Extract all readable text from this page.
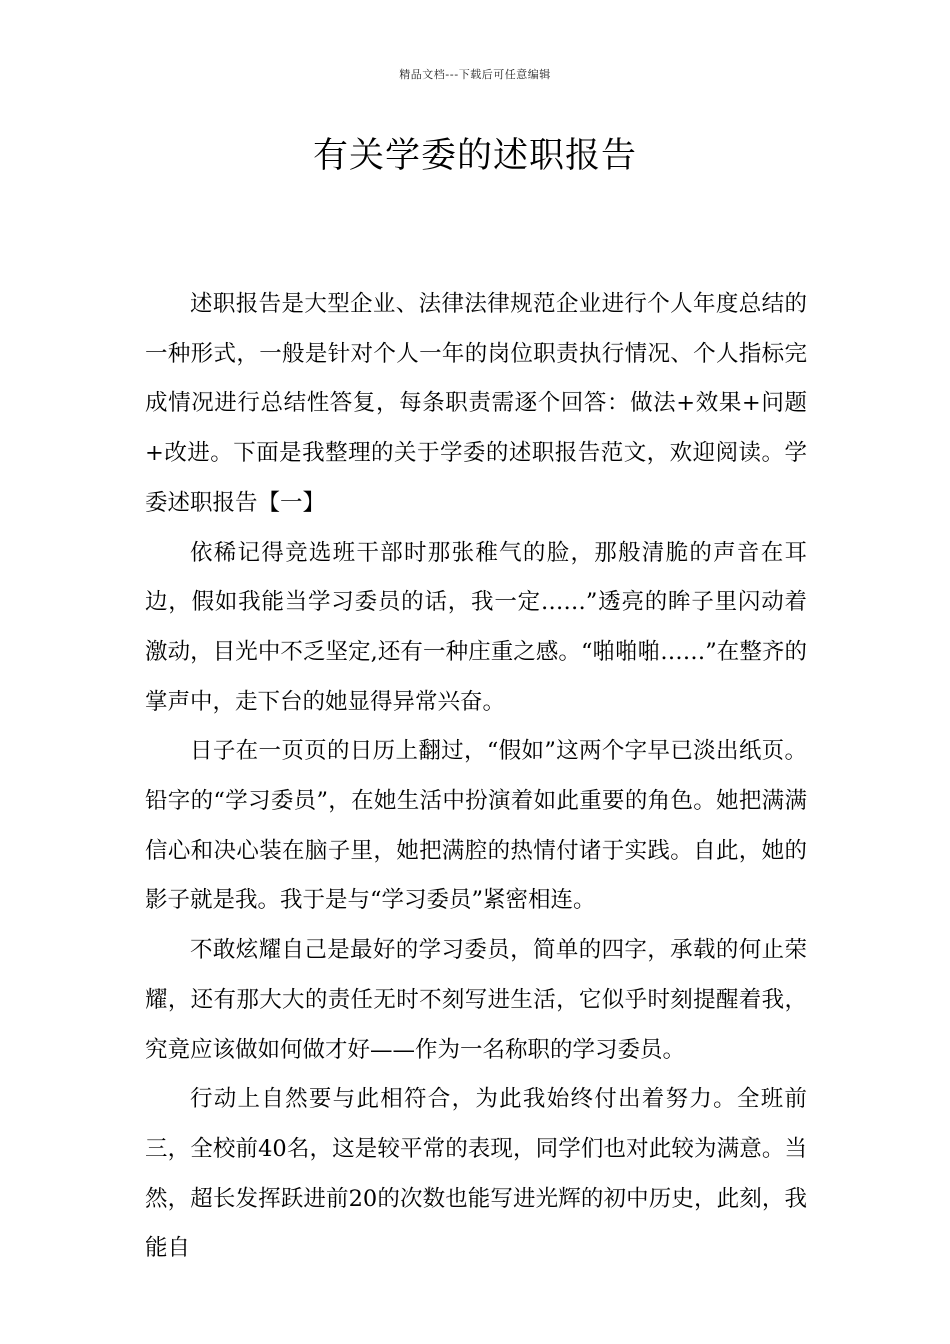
精品文档---下载后可任意编辑
有关学委的述职报告

述职报告是大型企业、法律法律规范企业进行个人年度总结的一种形式，一般是针对个人一年的岗位职责执行情况、个人指标完成情况进行总结性答复，每条职责需逐个回答：做法+效果+问题+改进。下面是我整理的关于学委的述职报告范文，欢迎阅读。学委述职报告【一】

依稀记得竞选班干部时那张稚气的脸，那般清脆的声音在耳边，假如我能当学习委员的话，我一定……”透亮的眸子里闪动着激动，目光中不乏坚定,还有一种庄重之感。“啪啪啪……”在整齐的掌声中，走下台的她显得异常兴奋。

日子在一页页的日历上翻过，“假如”这两个字早已淡出纸页。铅字的“学习委员”，在她生活中扮演着如此重要的角色。她把满满信心和决心装在脑子里，她把满腔的热情付诸于实践。自此，她的影子就是我。我于是与“学习委员”紧密相连。

不敢炫耀自己是最好的学习委员，简单的四字，承载的何止荣耀，还有那大大的责任无时不刻写进生活，它似乎时刻提醒着我，究竟应该做如何做才好——作为一名称职的学习委员。

行动上自然要与此相符合，为此我始终付出着努力。全班前三，全校前40名，这是较平常的表现，同学们也对此较为满意。当然，超长发挥跃进前20的次数也能写进光辉的初中历史，此刻，我能自
